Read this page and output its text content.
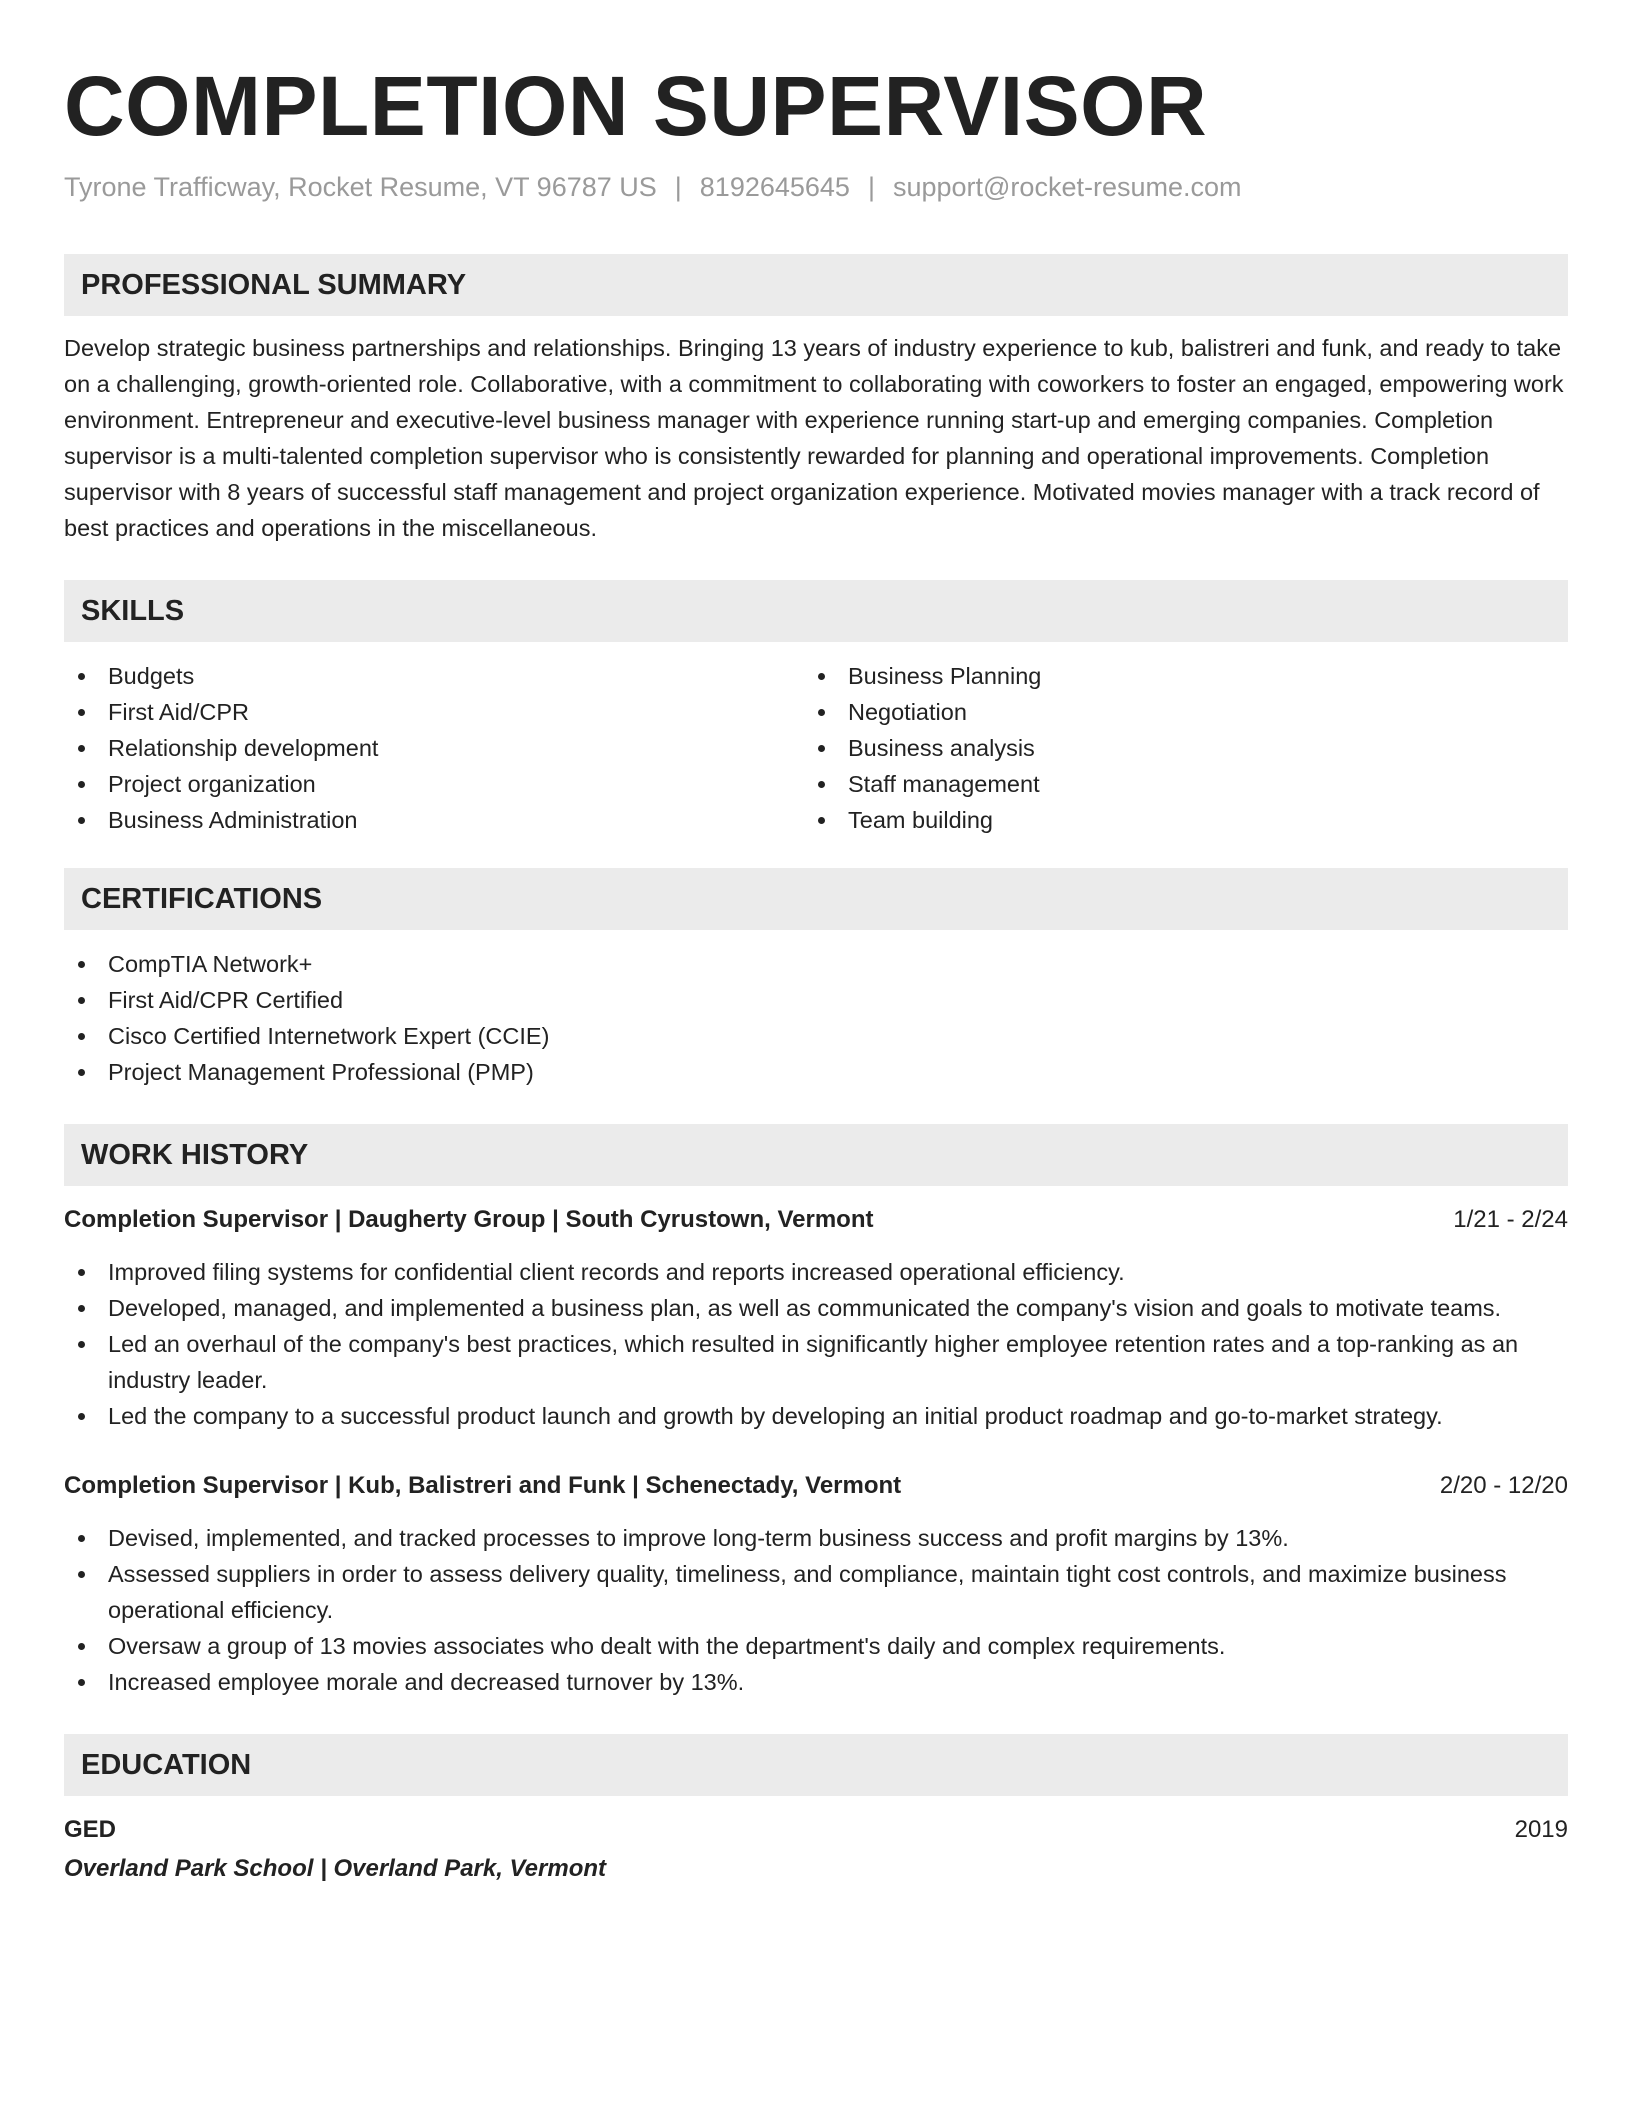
COMPLETION SUPERVISOR
Tyrone Trafficway, Rocket Resume, VT 96787 US | 8192645645 | support@rocket-resume.com
PROFESSIONAL SUMMARY
Develop strategic business partnerships and relationships. Bringing 13 years of industry experience to kub, balistreri and funk, and ready to take on a challenging, growth-oriented role. Collaborative, with a commitment to collaborating with coworkers to foster an engaged, empowering work environment. Entrepreneur and executive-level business manager with experience running start-up and emerging companies. Completion supervisor is a multi-talented completion supervisor who is consistently rewarded for planning and operational improvements. Completion supervisor with 8 years of successful staff management and project organization experience. Motivated movies manager with a track record of best practices and operations in the miscellaneous.
SKILLS
Budgets
First Aid/CPR
Relationship development
Project organization
Business Administration
Business Planning
Negotiation
Business analysis
Staff management
Team building
CERTIFICATIONS
CompTIA Network+
First Aid/CPR Certified
Cisco Certified Internetwork Expert (CCIE)
Project Management Professional (PMP)
WORK HISTORY
Completion Supervisor | Daugherty Group | South Cyrustown, Vermont	1/21 - 2/24
Improved filing systems for confidential client records and reports increased operational efficiency.
Developed, managed, and implemented a business plan, as well as communicated the company's vision and goals to motivate teams.
Led an overhaul of the company's best practices, which resulted in significantly higher employee retention rates and a top-ranking as an industry leader.
Led the company to a successful product launch and growth by developing an initial product roadmap and go-to-market strategy.
Completion Supervisor | Kub, Balistreri and Funk | Schenectady, Vermont	2/20 - 12/20
Devised, implemented, and tracked processes to improve long-term business success and profit margins by 13%.
Assessed suppliers in order to assess delivery quality, timeliness, and compliance, maintain tight cost controls, and maximize business operational efficiency.
Oversaw a group of 13 movies associates who dealt with the department's daily and complex requirements.
Increased employee morale and decreased turnover by 13%.
EDUCATION
GED	2019
Overland Park School | Overland Park, Vermont
